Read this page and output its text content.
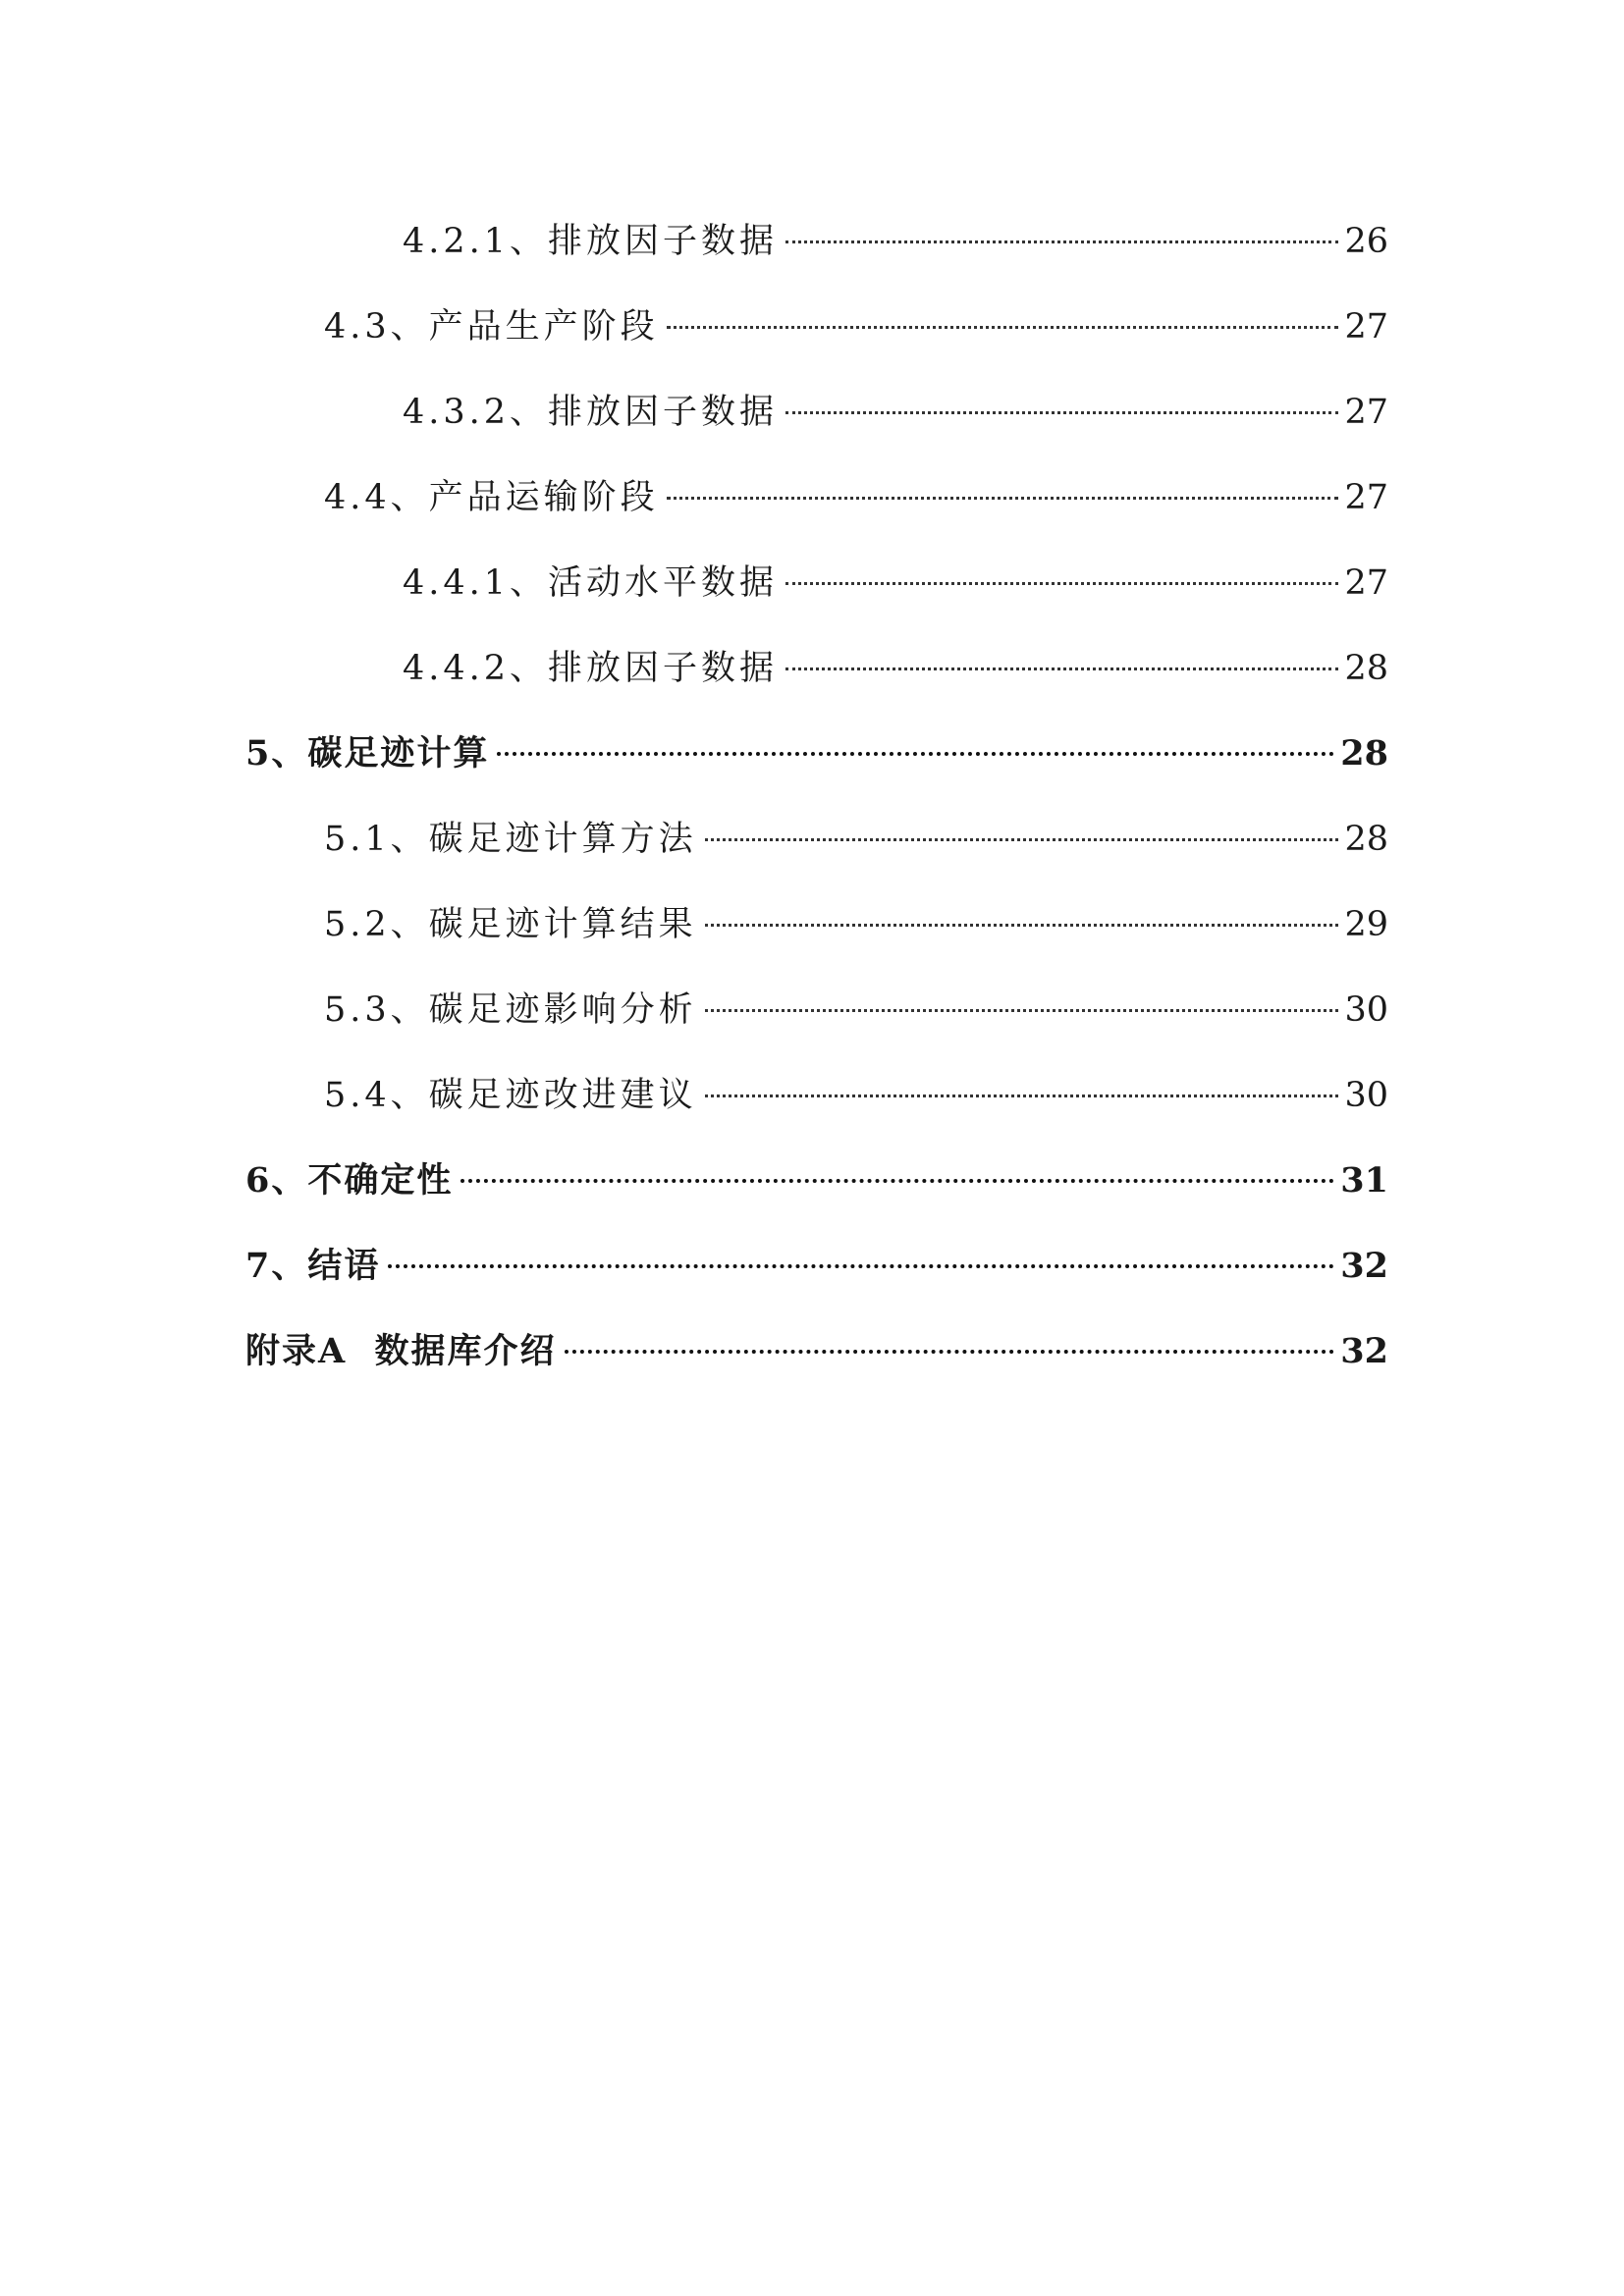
4.2.1、排放因子数据	26
4.3、产品生产阶段	27
4.3.2、排放因子数据	27
4.4、产品运输阶段	27
4.4.1、活动水平数据	27
4.4.2、排放因子数据	28
5、碳足迹计算	28
5.1、碳足迹计算方法	28
5.2、碳足迹计算结果	29
5.3、碳足迹影响分析	30
5.4、碳足迹改进建议	30
6、不确定性	31
7、结语	32
附录A  数据库介绍	32
